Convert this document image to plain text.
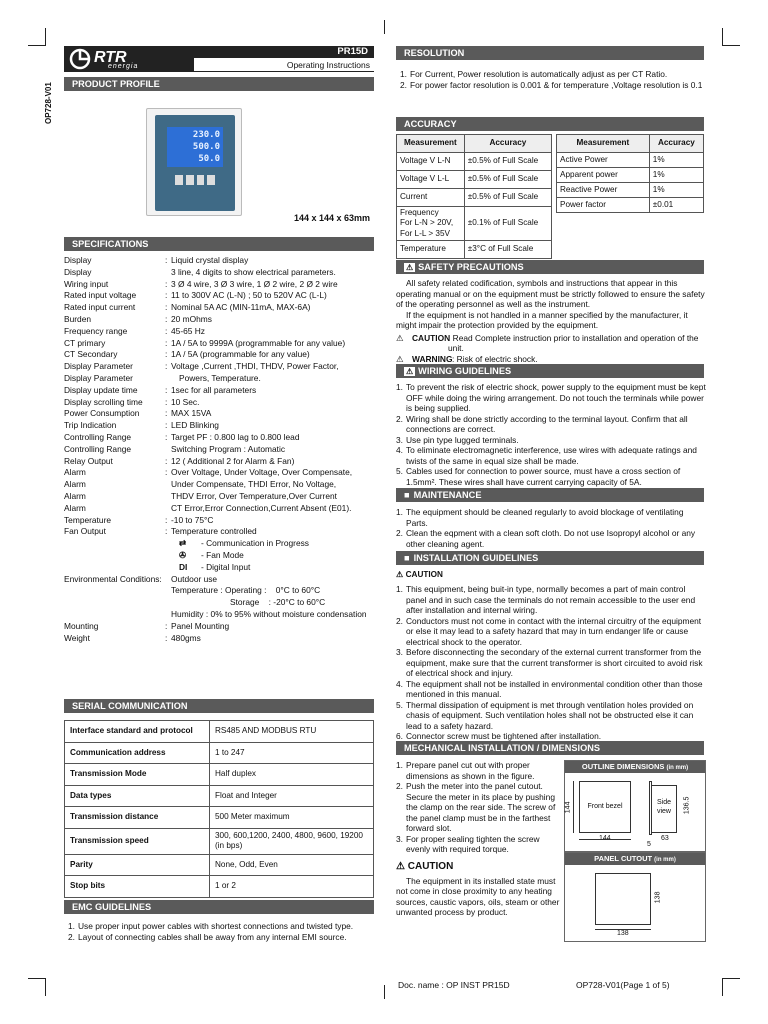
OP728-V01
RTR
energia
PR15D
Operating Instructions
PRODUCT PROFILE
230.0
500.0
50.0
144 x 144 x 63mm
SPECIFICATIONS
Display	: Liquid crystal display
Display	3 line, 4 digits to show electrical parameters.
Wiring input	: 3 Ø 4 wire, 3 Ø 3 wire, 1 Ø 2 wire, 2 Ø 2 wire
Rated input voltage	: 11 to 300V AC (L-N) ; 50 to 520V AC (L-L)
Rated input current	: Nominal 5A AC (MIN-11mA, MAX-6A)
Burden	: 20 mOhms
Frequency range	: 45-65 Hz
CT primary	: 1A / 5A to 9999A (programmable for any value)
CT Secondary	: 1A / 5A (programmable for any value)
Display Parameter	: Voltage ,Current ,THDI, THDV, Power Factor,
Display Parameter	Powers, Temperature.
Display update time	: 1sec for all parameters
Display scrolling time	: 10 Sec.
Power Consumption	: MAX 15VA
Trip Indication	: LED Blinking
Controlling Range	: Target PF : 0.800 lag to 0.800 lead
Controlling Range	Switching Program : Automatic
Relay Output	: 12 ( Additional 2 for Alarm & Fan)
Alarm	: Over Voltage, Under Voltage, Over Compensate,
Alarm	Under Compensate, THDI Error, No Voltage,
Alarm	THDV Error, Over Temperature,Over Current
Alarm	CT Error,Error Connection,Current Absent (E01).
Temperature	: -10 to 75°C
Fan Output	: Temperature controlled
⇄	- Communication in Progress
✇	- Fan Mode
DI	- Digital Input
Environmental Conditions:	Outdoor use
Temperature : Operating :    0°C to 60°C
Storage    : -20°C to 60°C
Humidity : 0% to 95% without moisture condensation
Mounting	: Panel Mounting
Weight	: 480gms
SERIAL COMMUNICATION
Interface standard and protocol	RS485 AND MODBUS RTU
Communication address	1 to 247
Transmission Mode	Half duplex
Data types	Float and Integer
Transmission distance	500 Meter maximum
Transmission speed	300, 600,1200, 2400, 4800, 9600, 19200 (in bps)
Parity	None, Odd, Even
Stop bits	1 or 2
EMC GUIDELINES
1. Use proper input power cables with shortest connections and twisted type.
2. Layout of connecting cables shall be away from any internal EMI source.
RESOLUTION
1. For Current, Power resolution is automatically adjust as per CT Ratio.
2. For power factor resolution is 0.001 & for temperature ,Voltage resolution is 0.1
ACCURACY
Measurement	Accuracy
Voltage V L-N	±0.5% of Full Scale
Voltage V L-L	±0.5% of Full Scale
Current	±0.5% of Full Scale
Frequency
For L-N > 20V,
For L-L > 35V	±0.1% of Full Scale
Temperature	±3°C of Full Scale
Measurement	Accuracy
Active Power	1%
Apparent power	1%
Reactive Power	1%
Power factor	±0.01
⚠ SAFETY PRECAUTIONS

All safety related codification, symbols and instructions that appear in this operating manual or on the equipment must be strictly followed to ensure the safety of the operating personnel as well as the instrument.

If the equipment is not handled in a manner specified by the manufacturer, it might impair the protection provided by the equipment.

⚠	CAUTION
: Read Complete instruction prior to installation and operation of the unit.
⚠	WARNING : Risk of electric shock.
⚠ WIRING GUIDELINES
1. To prevent the risk of electric shock, power supply to the equipment must be kept OFF while doing the wiring arrangement. Do not touch the terminals while power is being supplied.
2. Wiring shall be done strictly according to the terminal layout. Confirm that all connections are correct.
3. Use pin type lugged terminals.
4. To eliminate electromagnetic interference, use wires with adequate ratings and twists of the same in equal size shall be made.
5. Cables used for connection to power source, must have a cross section of 1.5mm². These wires shall have current carrying capacity of 5A.
■ MAINTENANCE
1. The equipment should be cleaned regularly to avoid blockage of ventilating Parts.
2. Clean the eqpment with a clean soft cloth. Do not use Isopropyl alcohol or any other cleaning agent.
■ INSTALLATION GUIDELINES
⚠ CAUTION
1. This equipment, being buit-in type, normally becomes a part of main control panel and in such case the terminals do not remain accessible to the user end after installation and internal wiring.
2. Conductors must not come in contact with the internal circuitry of the equipment or else it may lead to a safety hazard that may in turn endanger life or cause electrical shock to the operator.
3. Before disconnecting the secondary of the external current transformer from the equipment, make sure that the current transformer is short circuited to avoid risk of electrical shock and injury.
4. The equipment shall not be installed in environmental condition other than those mentioned in this manual.
5. Thermal dissipation of equipment is met through ventilation holes provided on chasis of equipment. Such ventilation holes shall not be obstructed else it can lead to a safety hazard.
6. Connector screw must be tightened after installation.
MECHANICAL INSTALLATION / DIMENSIONS
1. Prepare panel cut out with proper dimensions as shown in the figure.
2. Push the meter into the panel cutout. Secure the meter in its place by pushing the clamp on the rear side. The screw of the panel clamp must be in the farthest forward slot.
3. For proper sealing tighten the screw evenly with required torque.
⚠ CAUTION

The equipment in its installed state must not come in close proximity to any heating sources, caustic vapors, oils, steam or other unwanted process by product.

OUTLINE DIMENSIONS (in mm)
Front bezel
Side view
144	136.5
63
5
PANEL CUTOUT (in mm)
138
138
Doc. name : OP INST PR15D	OP728-V01(Page 1 of 5)
